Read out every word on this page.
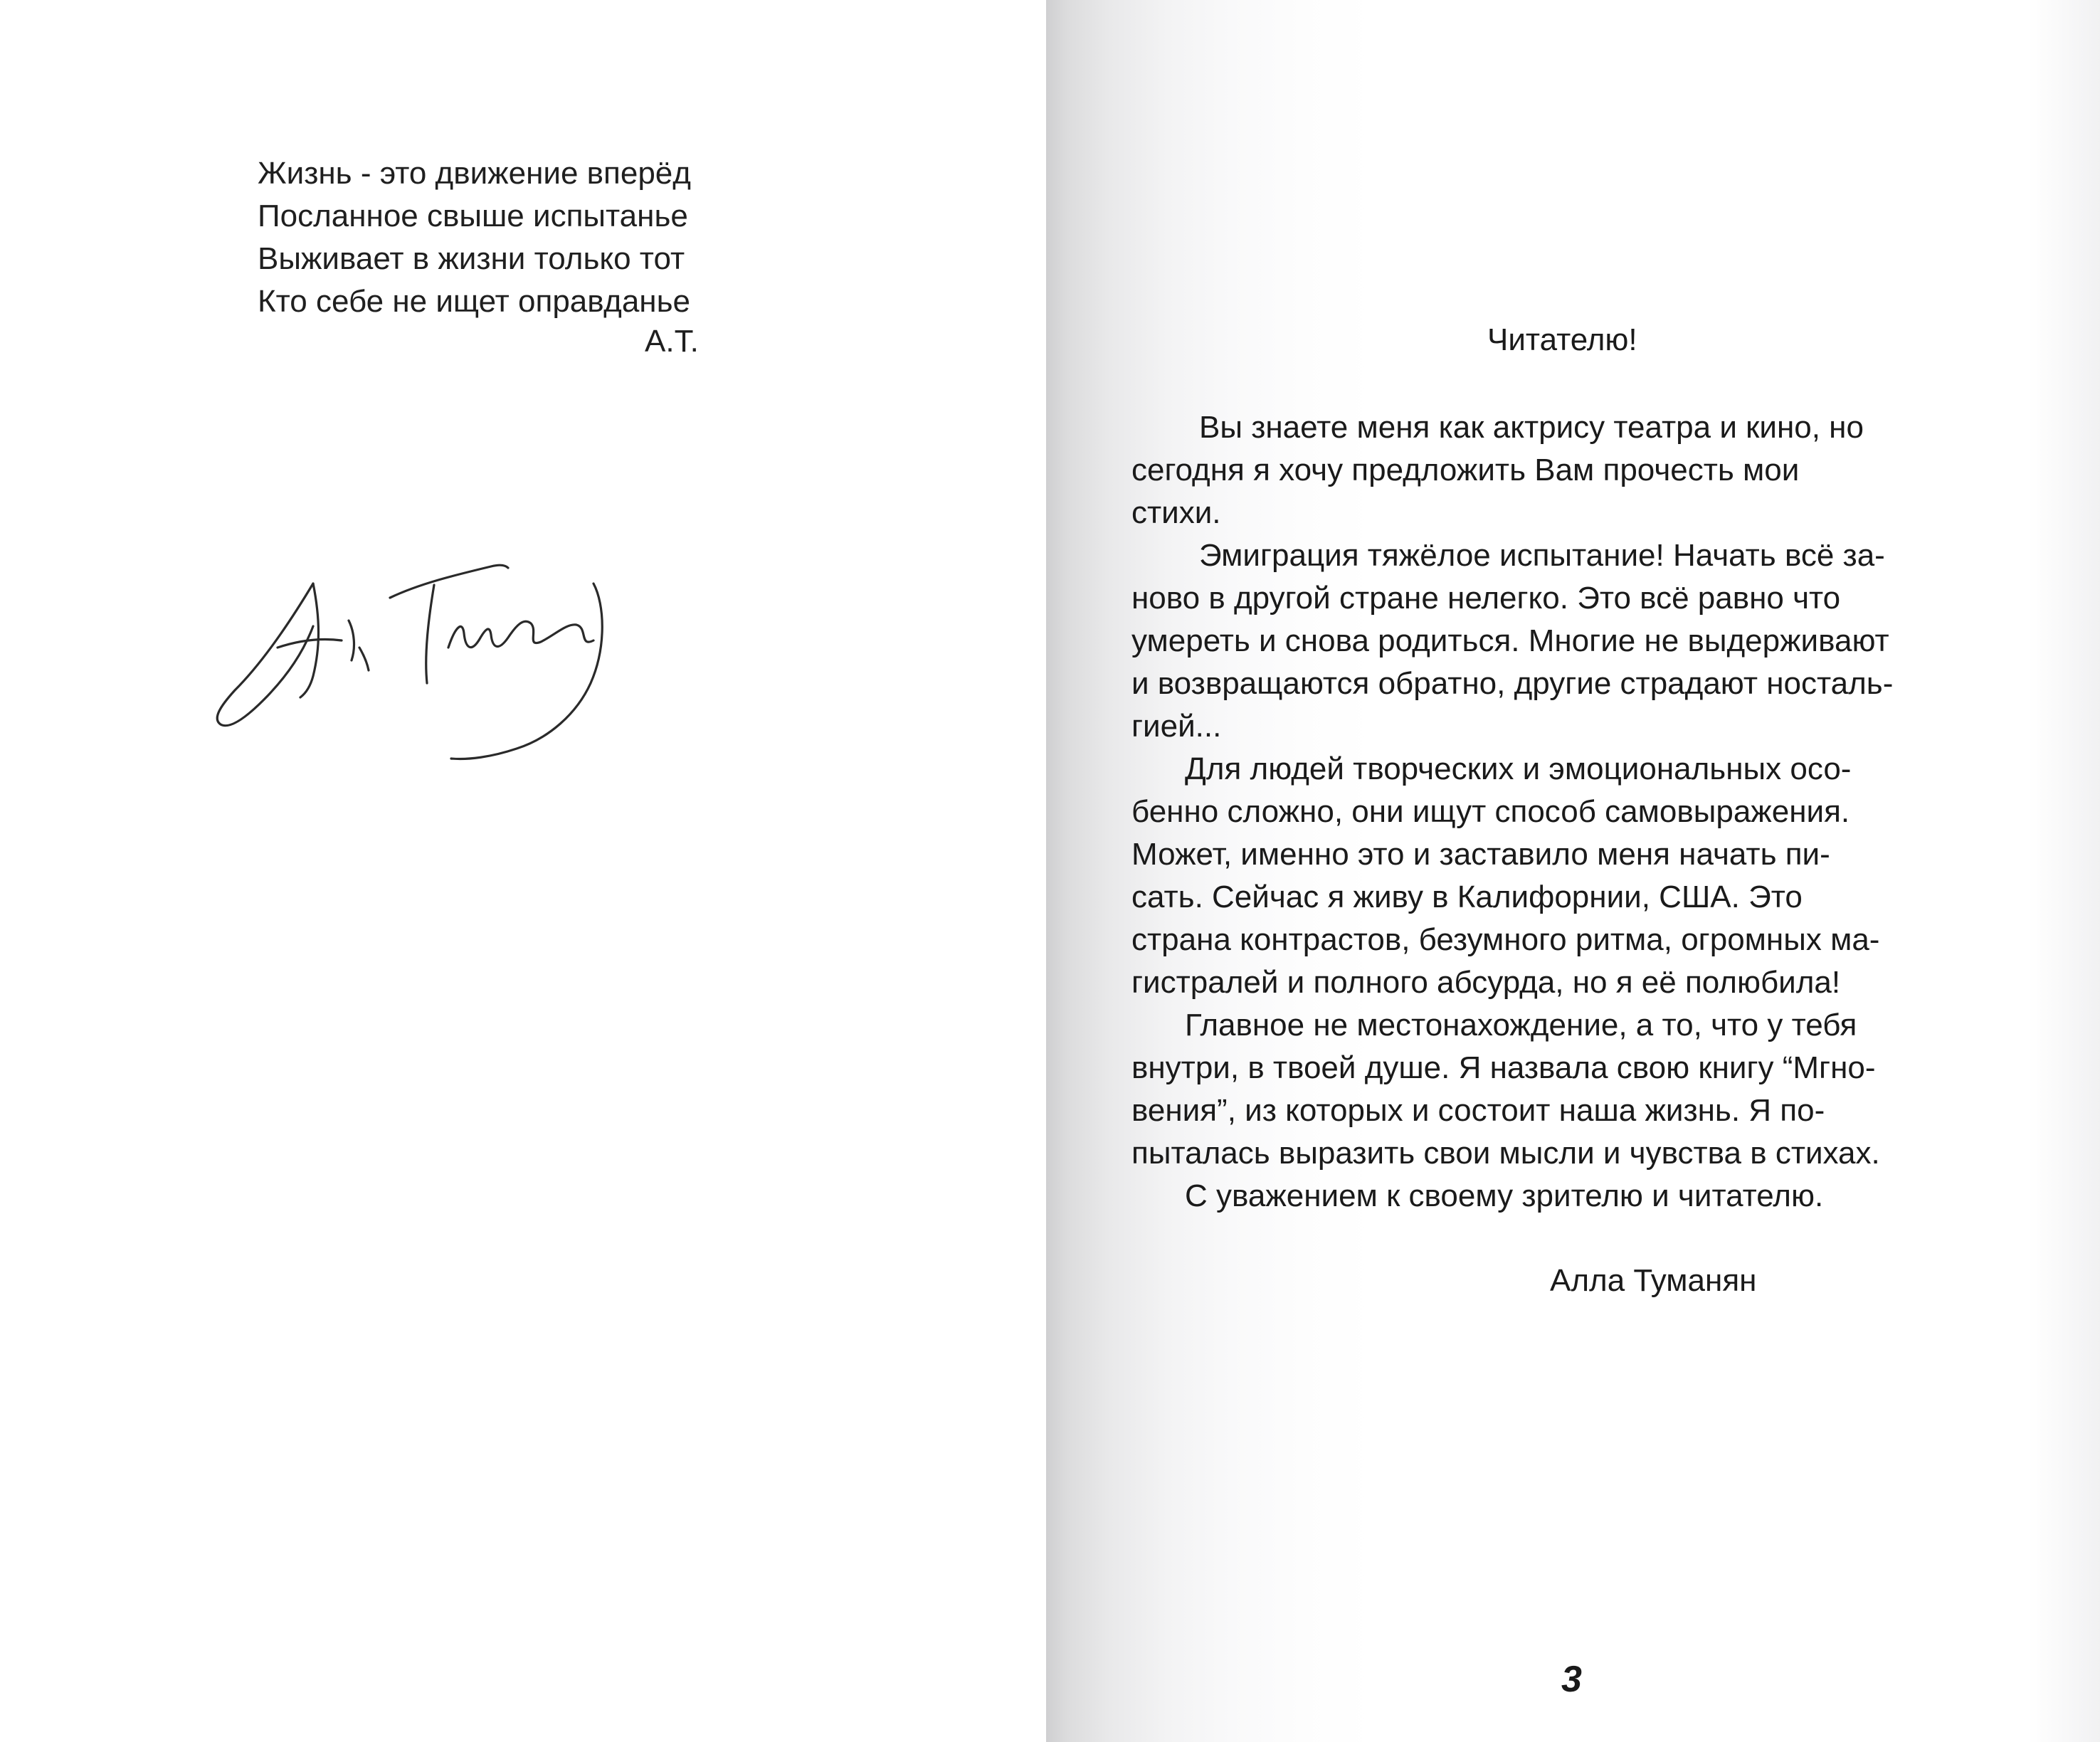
Жизнь - это движение вперёд
Посланное свыше испытанье
Выживает в жизни только тот
Кто себе не ищет оправданье
А.Т.	Читателю!
Вы знаете меня как актрису театра и кино, но
сегодня я хочу предложить Вам прочесть мои
стихи.
Эмиграция тяжёлое испытание! Начать всё за-
ново в другой стране нелегко. Это всё равно что
умереть и снова родиться. Многие не выдерживают
и возвращаются обратно, другие страдают носталь-
гией...
Для людей творческих и эмоциональных осо-
бенно сложно, они ищут способ самовыражения.
Может, именно это и заставило меня начать пи-
сать. Сейчас я живу в Калифорнии, США. Это
страна контрастов, безумного ритма, огромных ма-
гистралей и полного абсурда, но я её полюбила!
Главное не местонахождение, а то, что у тебя
внутри, в твоей душе. Я назвала свою книгу “Мгно-
вения”, из которых и состоит наша жизнь. Я по-
пыталась выразить свои мысли и чувства в стихах.
С уважением к своему зрителю и читателю.
Алла Туманян
3
